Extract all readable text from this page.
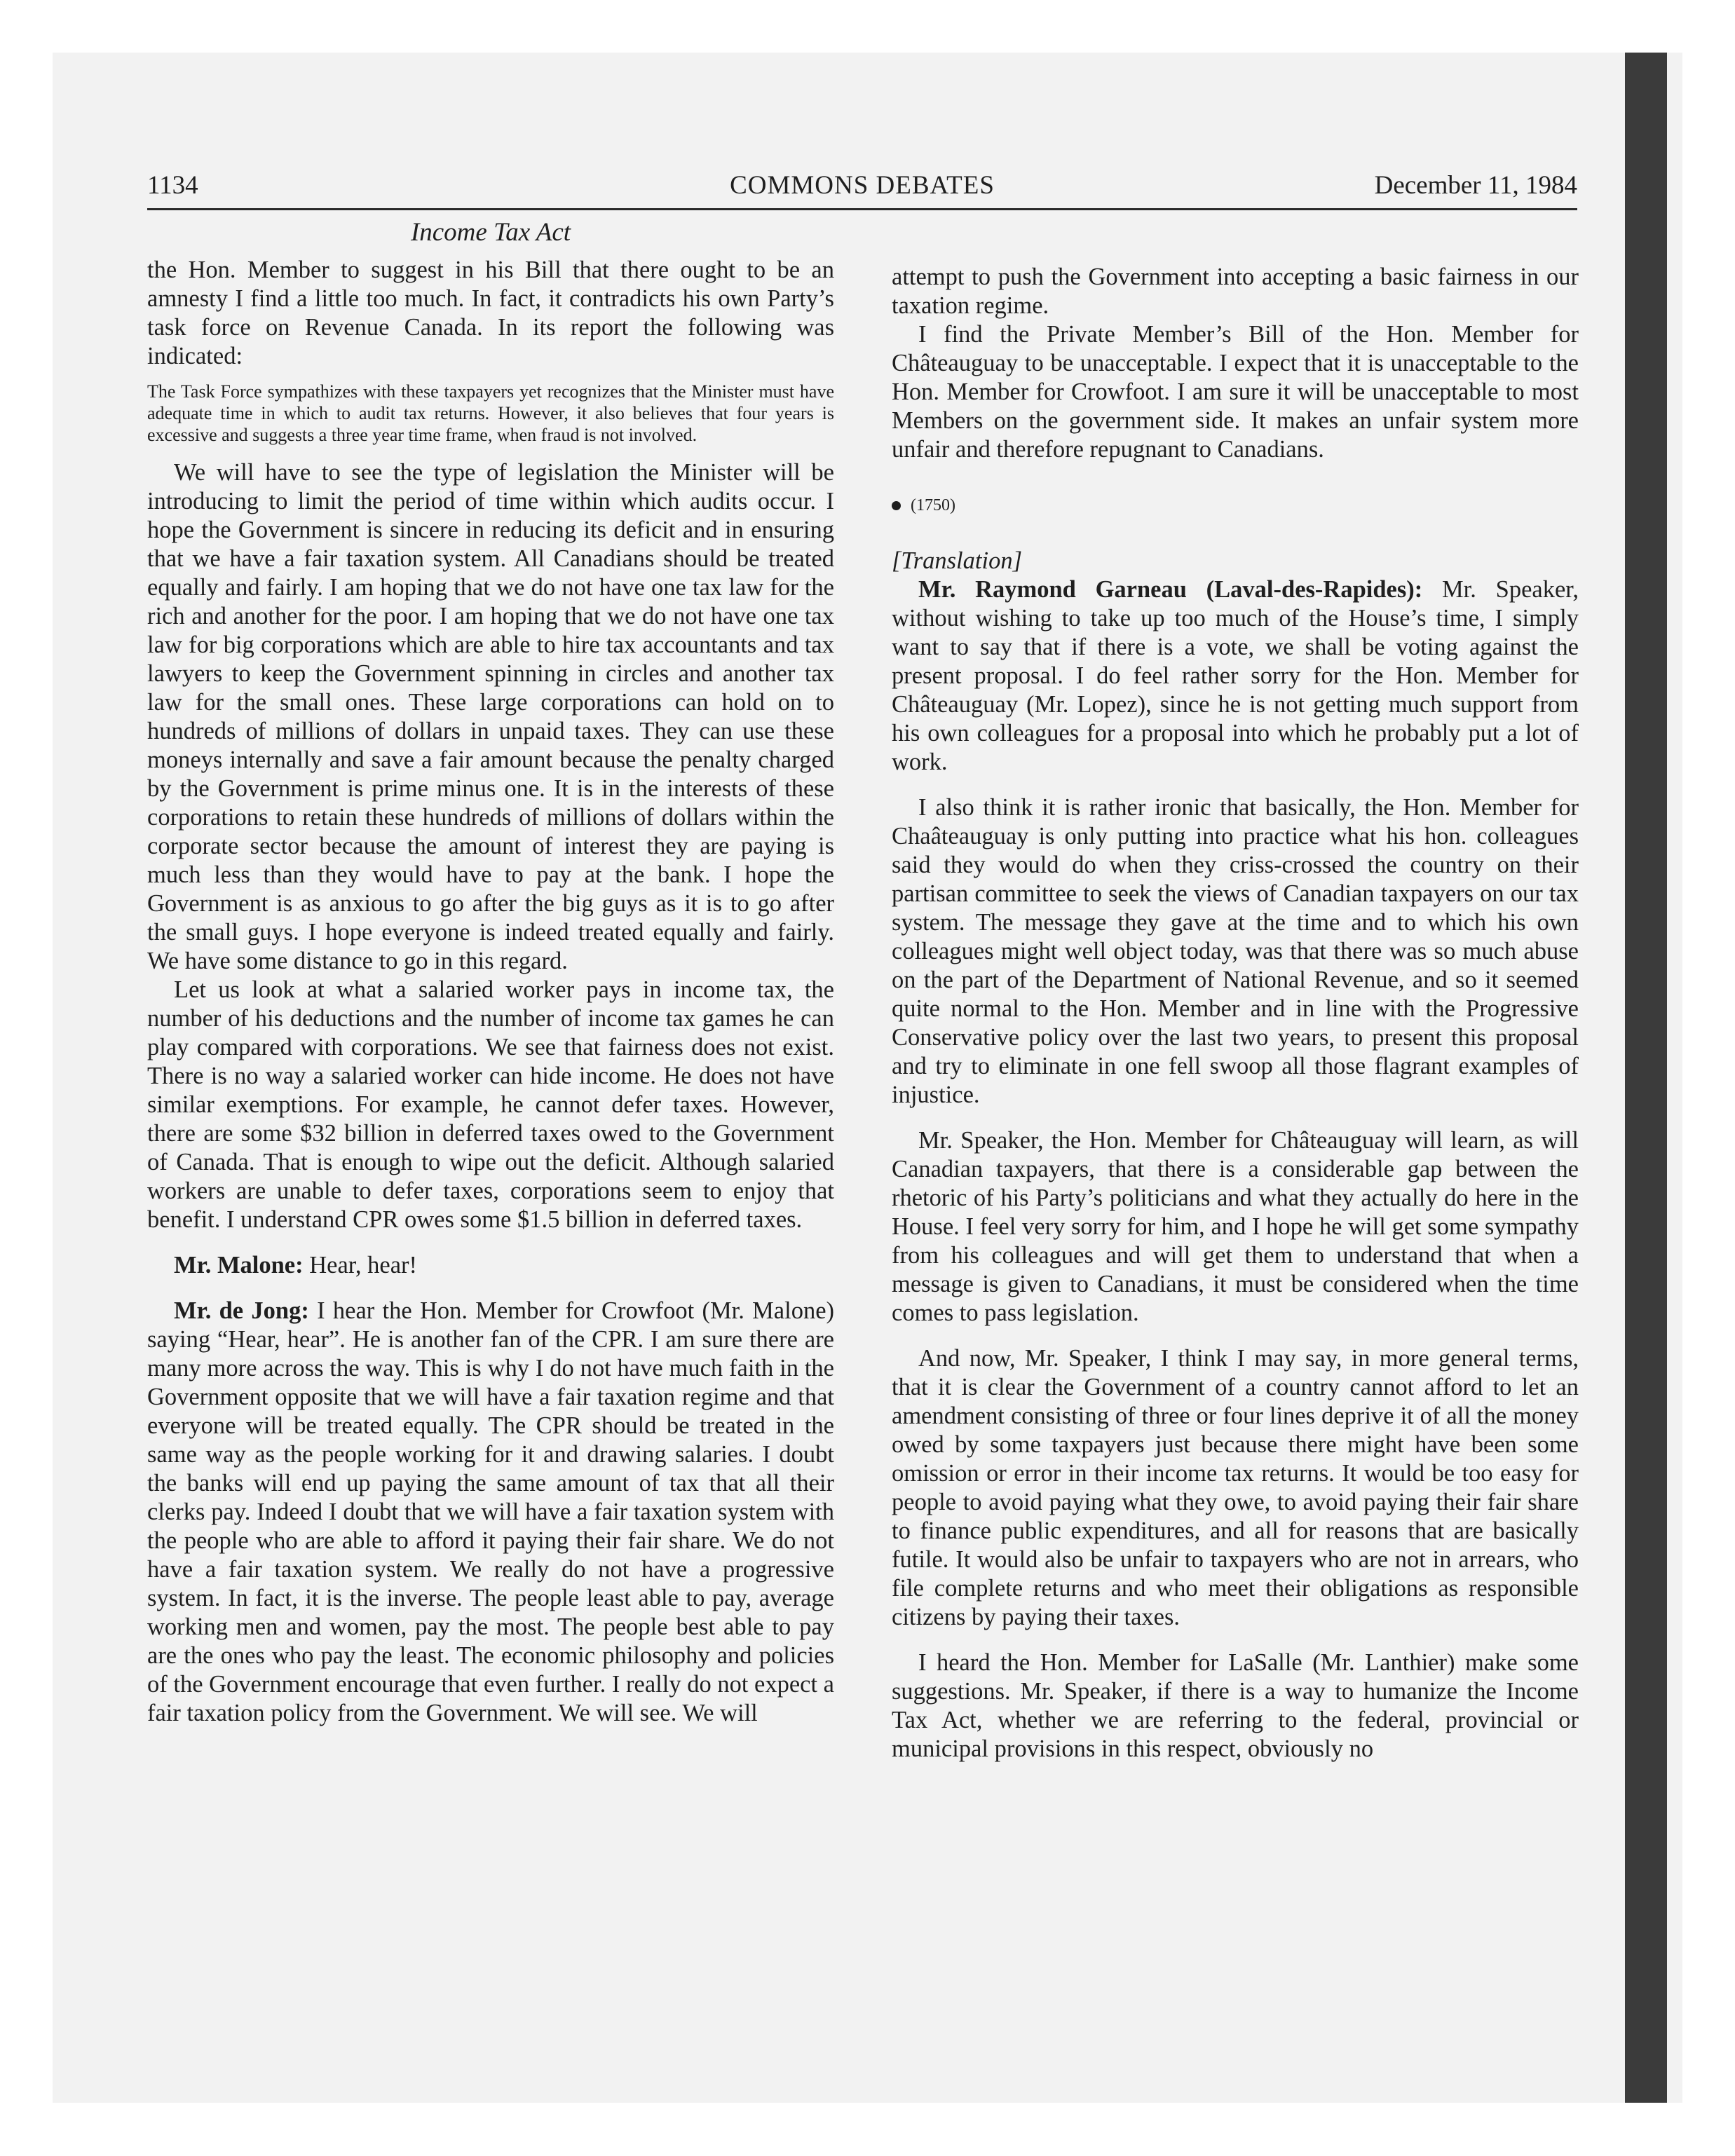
1134	COMMONS DEBATES	December 11, 1984
Income Tax Act

the Hon. Member to suggest in his Bill that there ought to be an amnesty I find a little too much. In fact, it contradicts his own Party’s task force on Revenue Canada. In its report the following was indicated:

The Task Force sympathizes with these taxpayers yet recognizes that the Minister must have adequate time in which to audit tax returns. However, it also believes that four years is excessive and suggests a three year time frame, when fraud is not involved.

We will have to see the type of legislation the Minister will be introducing to limit the period of time within which audits occur. I hope the Government is sincere in reducing its deficit and in ensuring that we have a fair taxation system. All Canadians should be treated equally and fairly. I am hoping that we do not have one tax law for the rich and another for the poor. I am hoping that we do not have one tax law for big corporations which are able to hire tax accountants and tax lawyers to keep the Government spinning in circles and another tax law for the small ones. These large corporations can hold on to hundreds of millions of dollars in unpaid taxes. They can use these moneys internally and save a fair amount because the penalty charged by the Government is prime minus one. It is in the interests of these corporations to retain these hundreds of millions of dollars within the corporate sector because the amount of interest they are paying is much less than they would have to pay at the bank. I hope the Government is as anxious to go after the big guys as it is to go after the small guys. I hope everyone is indeed treated equally and fairly. We have some distance to go in this regard.

Let us look at what a salaried worker pays in income tax, the number of his deductions and the number of income tax games he can play compared with corporations. We see that fairness does not exist. There is no way a salaried worker can hide income. He does not have similar exemptions. For example, he cannot defer taxes. However, there are some $32 billion in deferred taxes owed to the Government of Canada. That is enough to wipe out the deficit. Although salaried workers are unable to defer taxes, corporations seem to enjoy that benefit. I understand CPR owes some $1.5 billion in deferred taxes.

Mr. Malone: Hear, hear!

Mr. de Jong: I hear the Hon. Member for Crowfoot (Mr. Malone) saying “Hear, hear”. He is another fan of the CPR. I am sure there are many more across the way. This is why I do not have much faith in the Government opposite that we will have a fair taxation regime and that everyone will be treated equally. The CPR should be treated in the same way as the people working for it and drawing salaries. I doubt the banks will end up paying the same amount of tax that all their clerks pay. Indeed I doubt that we will have a fair taxation system with the people who are able to afford it paying their fair share. We do not have a fair taxation system. We really do not have a progressive system. In fact, it is the inverse. The people least able to pay, average working men and women, pay the most. The people best able to pay are the ones who pay the least. The economic philosophy and policies of the Government encourage that even further. I really do not expect a fair taxation policy from the Government. We will see. We will

attempt to push the Government into accepting a basic fairness in our taxation regime.

I find the Private Member’s Bill of the Hon. Member for Châteauguay to be unacceptable. I expect that it is unacceptable to the Hon. Member for Crowfoot. I am sure it will be unacceptable to most Members on the government side. It makes an unfair system more unfair and therefore repugnant to Canadians.

(1750)

[Translation]

Mr. Raymond Garneau (Laval-des-Rapides): Mr. Speaker, without wishing to take up too much of the House’s time, I simply want to say that if there is a vote, we shall be voting against the present proposal. I do feel rather sorry for the Hon. Member for Châteauguay (Mr. Lopez), since he is not getting much support from his own colleagues for a proposal into which he probably put a lot of work.

I also think it is rather ironic that basically, the Hon. Member for Chaâteauguay is only putting into practice what his hon. colleagues said they would do when they criss-crossed the country on their partisan committee to seek the views of Canadian taxpayers on our tax system. The message they gave at the time and to which his own colleagues might well object today, was that there was so much abuse on the part of the Department of National Revenue, and so it seemed quite normal to the Hon. Member and in line with the Progressive Conservative policy over the last two years, to present this proposal and try to eliminate in one fell swoop all those flagrant examples of injustice.

Mr. Speaker, the Hon. Member for Châteauguay will learn, as will Canadian taxpayers, that there is a considerable gap between the rhetoric of his Party’s politicians and what they actually do here in the House. I feel very sorry for him, and I hope he will get some sympathy from his colleagues and will get them to understand that when a message is given to Canadians, it must be considered when the time comes to pass legislation.

And now, Mr. Speaker, I think I may say, in more general terms, that it is clear the Government of a country cannot afford to let an amendment consisting of three or four lines deprive it of all the money owed by some taxpayers just because there might have been some omission or error in their income tax returns. It would be too easy for people to avoid paying what they owe, to avoid paying their fair share to finance public expenditures, and all for reasons that are basically futile. It would also be unfair to taxpayers who are not in arrears, who file complete returns and who meet their obligations as responsible citizens by paying their taxes.

I heard the Hon. Member for LaSalle (Mr. Lanthier) make some suggestions. Mr. Speaker, if there is a way to humanize the Income Tax Act, whether we are referring to the federal, provincial or municipal provisions in this respect, obviously no
